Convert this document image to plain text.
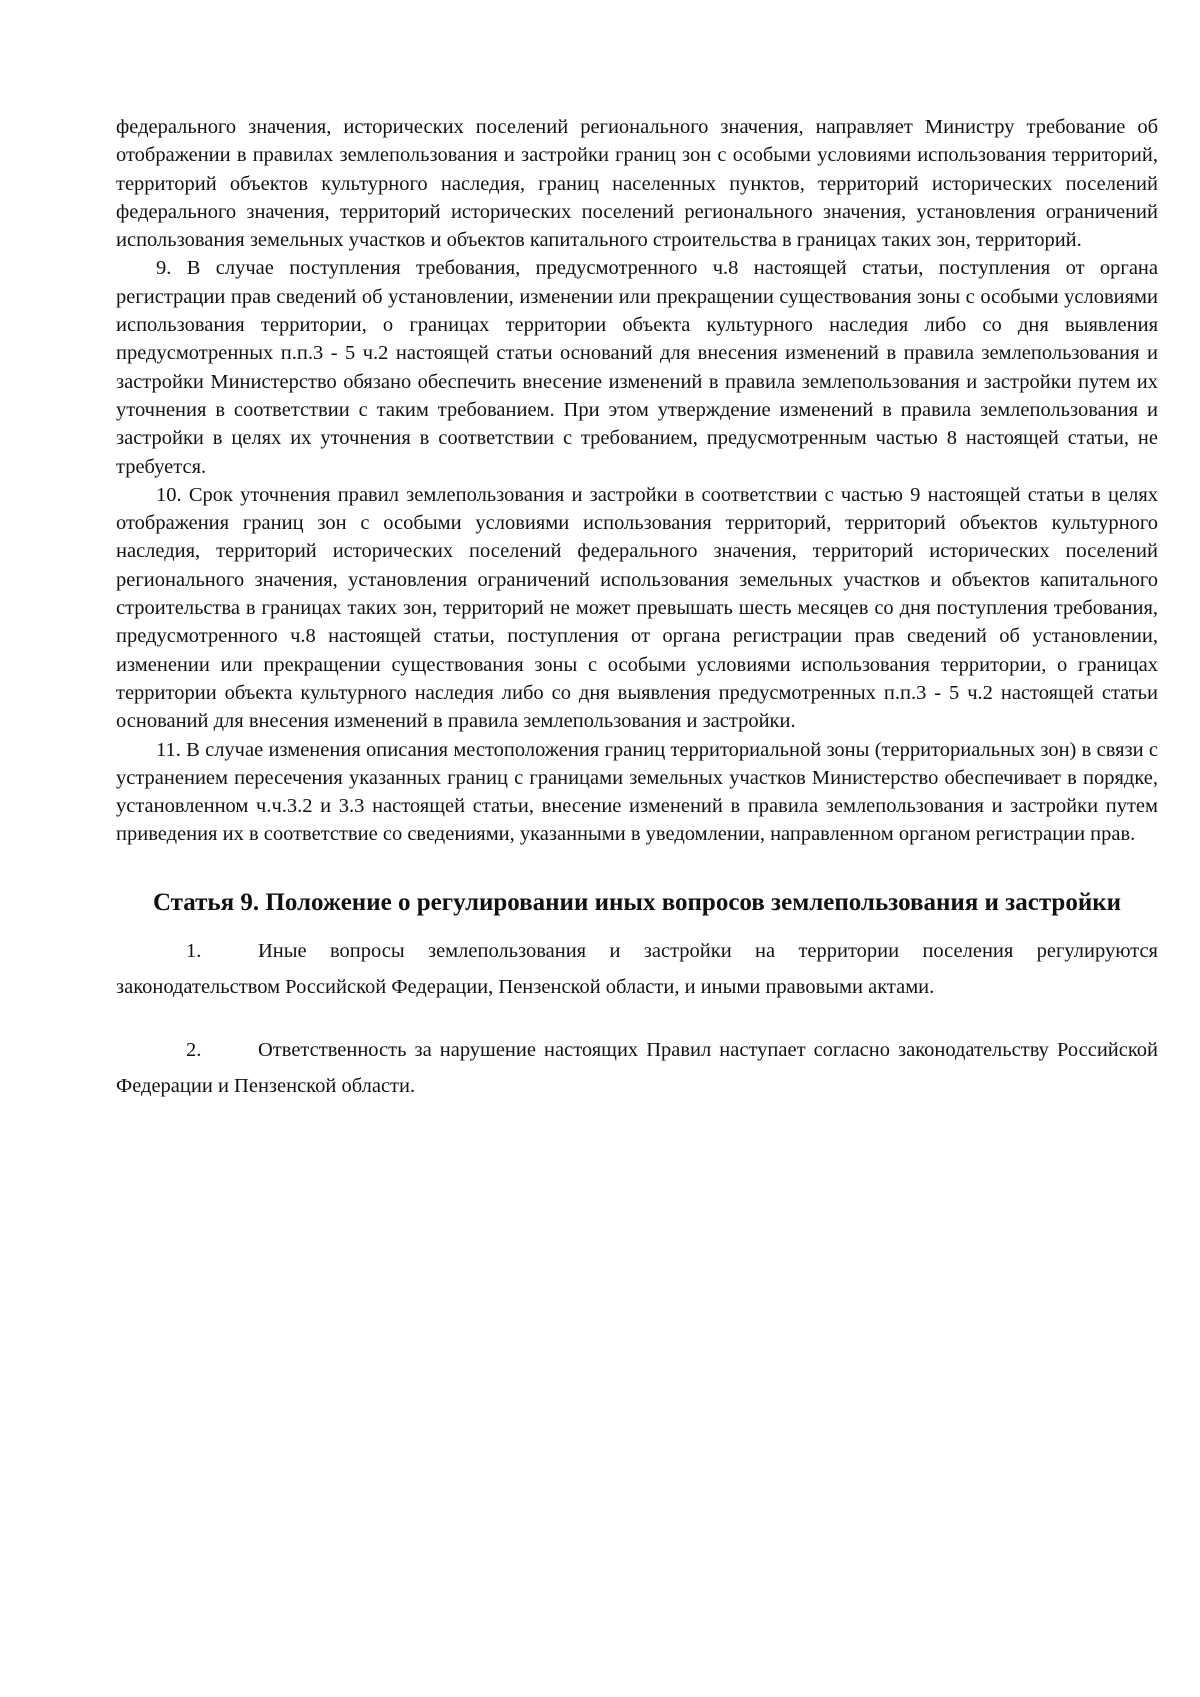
федерального значения, исторических поселений регионального значения, направляет Министру требование об отображении в правилах землепользования и застройки границ зон с особыми условиями использования территорий, территорий объектов культурного наследия, границ населенных пунктов, территорий исторических поселений федерального значения, территорий исторических поселений регионального значения, установления ограничений использования земельных участков и объектов капитального строительства в границах таких зон, территорий.

9. В случае поступления требования, предусмотренного ч.8 настоящей статьи, поступления от органа регистрации прав сведений об установлении, изменении или прекращении существования зоны с особыми условиями использования территории, о границах территории объекта культурного наследия либо со дня выявления предусмотренных п.п.3 - 5 ч.2 настоящей статьи оснований для внесения изменений в правила землепользования и застройки Министерство обязано обеспечить внесение изменений в правила землепользования и застройки путем их уточнения в соответствии с таким требованием. При этом утверждение изменений в правила землепользования и застройки в целях их уточнения в соответствии с требованием, предусмотренным частью 8 настоящей статьи, не требуется.

10. Срок уточнения правил землепользования и застройки в соответствии с частью 9 настоящей статьи в целях отображения границ зон с особыми условиями использования территорий, территорий объектов культурного наследия, территорий исторических поселений федерального значения, территорий исторических поселений регионального значения, установления ограничений использования земельных участков и объектов капитального строительства в границах таких зон, территорий не может превышать шесть месяцев со дня поступления требования, предусмотренного ч.8 настоящей статьи, поступления от органа регистрации прав сведений об установлении, изменении или прекращении существования зоны с особыми условиями использования территории, о границах территории объекта культурного наследия либо со дня выявления предусмотренных п.п.3 - 5 ч.2 настоящей статьи оснований для внесения изменений в правила землепользования и застройки.

11. В случае изменения описания местоположения границ территориальной зоны (территориальных зон) в связи с устранением пересечения указанных границ с границами земельных участков Министерство обеспечивает в порядке, установленном ч.ч.3.2 и 3.3 настоящей статьи, внесение изменений в правила землепользования и застройки путем приведения их в соответствие со сведениями, указанными в уведомлении, направленном органом регистрации прав.

Статья 9. Положение о регулировании иных вопросов землепользования и застройки

1.	Иные вопросы землепользования и застройки на территории поселения регулируются законодательством Российской Федерации, Пензенской области, и иными правовыми актами.

2.	Ответственность за нарушение настоящих Правил наступает согласно законодательству Российской Федерации и Пензенской области.
